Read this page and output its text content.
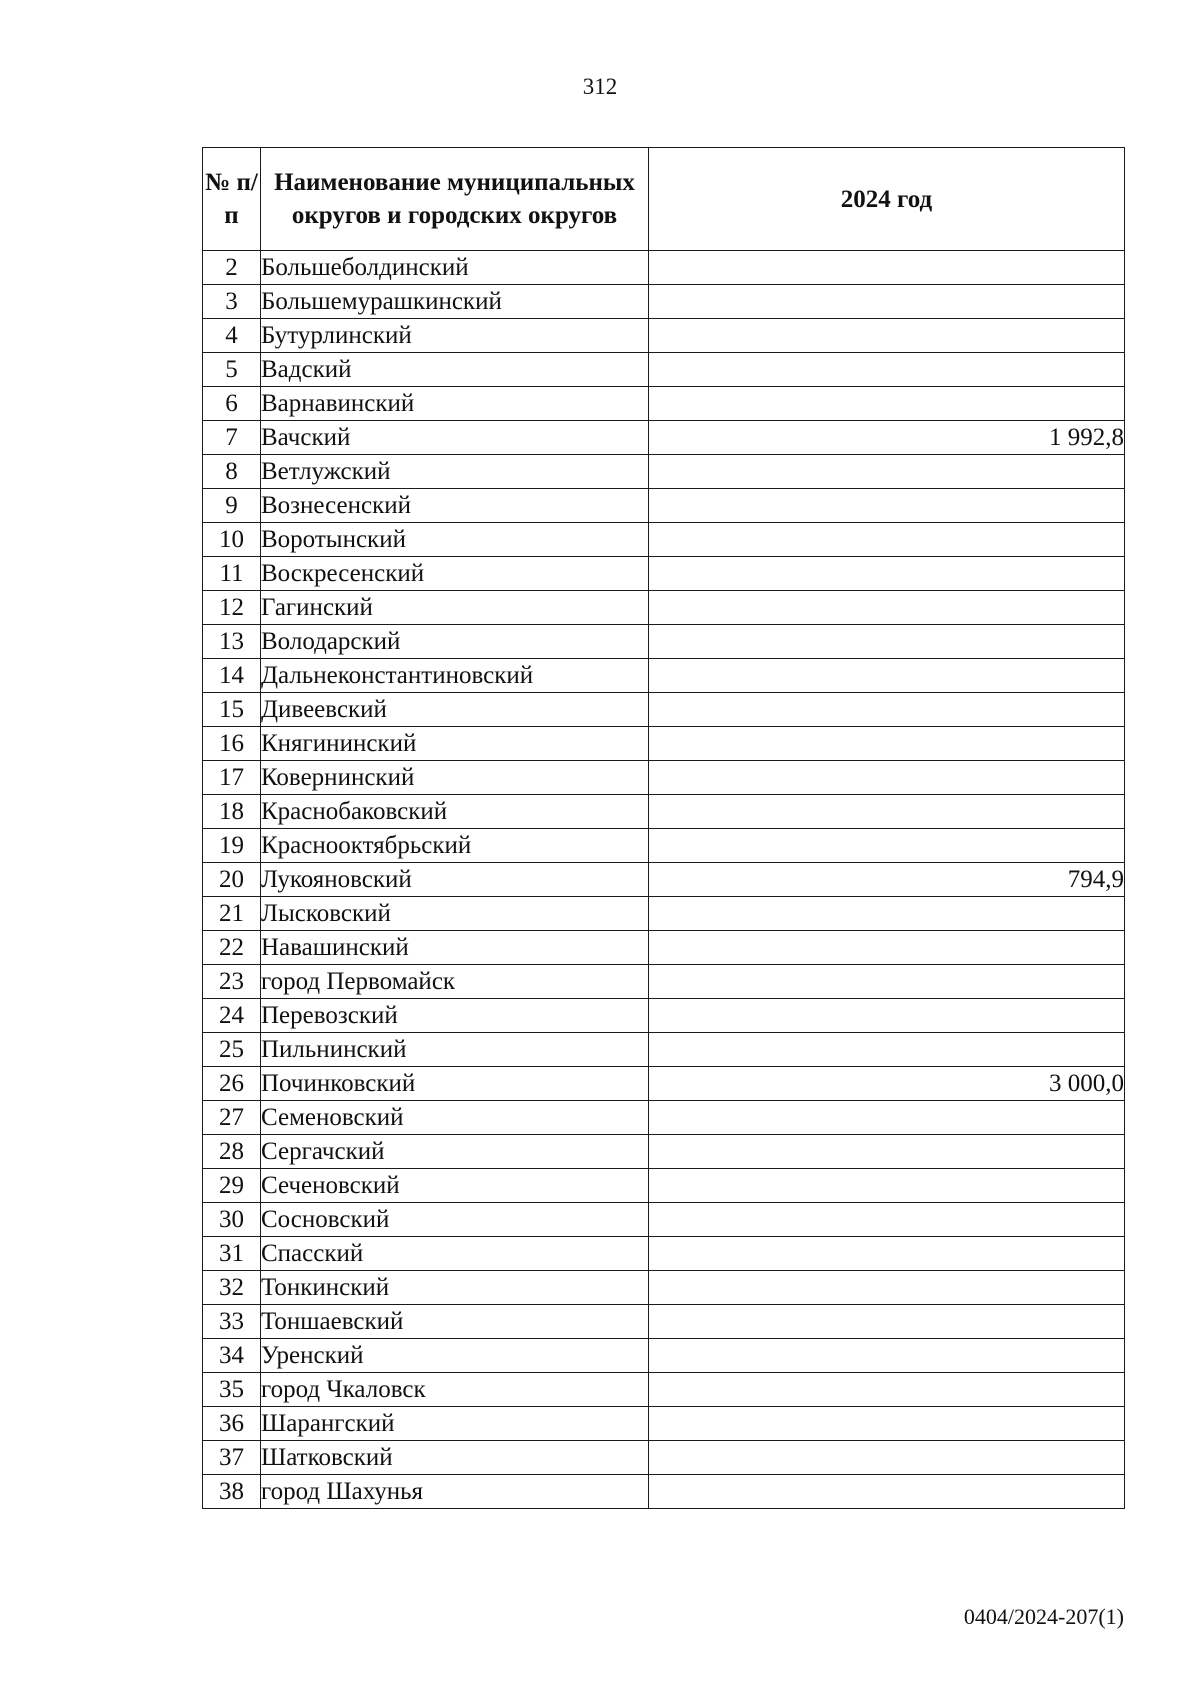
312
№ п/п	Наименование муниципальных округов и городских округов	2024 год
2	Большеболдинский	
3	Большемурашкинский	
4	Бутурлинский	
5	Вадский	
6	Варнавинский	
7	Вачский	1 992,8
8	Ветлужский	
9	Вознесенский	
10	Воротынский	
11	Воскресенский	
12	Гагинский	
13	Володарский	
14	Дальнеконстантиновский	
15	Дивеевский	
16	Княгининский	
17	Ковернинский	
18	Краснобаковский	
19	Краснооктябрьский	
20	Лукояновский	794,9
21	Лысковский	
22	Навашинский	
23	город Первомайск	
24	Перевозский	
25	Пильнинский	
26	Починковский	3 000,0
27	Семеновский	
28	Сергачский	
29	Сеченовский	
30	Сосновский	
31	Спасский	
32	Тонкинский	
33	Тоншаевский	
34	Уренский	
35	город Чкаловск	
36	Шарангский	
37	Шатковский	
38	город Шахунья	
0404/2024-207(1)
